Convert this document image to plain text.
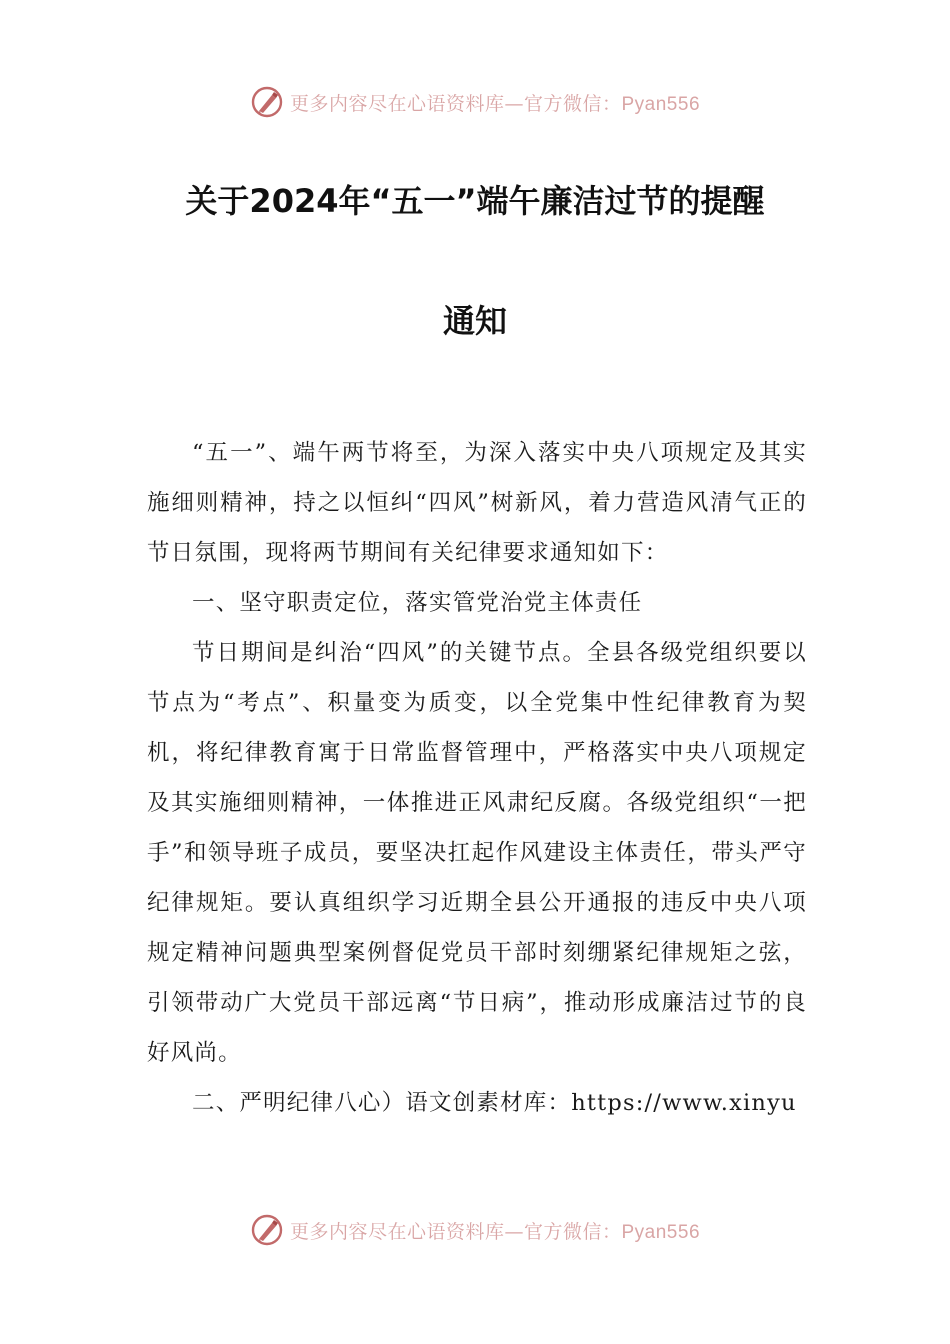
更多内容尽在心语资料库—官方微信：Pyan556
关于2024年“五一”端午廉洁过节的提醒
通知

“五一”、端午两节将至，为深入落实中央八项规定及其实施细则精神，持之以恒纠“四风”树新风，着力营造风清气正的节日氛围，现将两节期间有关纪律要求通知如下：

一、坚守职责定位，落实管党治党主体责任

节日期间是纠治“四风”的关键节点。全县各级党组织要以节点为“考点”、积量变为质变，以全党集中性纪律教育为契机，将纪律教育寓于日常监督管理中，严格落实中央八项规定及其实施细则精神，一体推进正风肃纪反腐。各级党组织“一把手”和领导班子成员，要坚决扛起作风建设主体责任，带头严守纪律规矩。要认真组织学习近期全县公开通报的违反中央八项规定精神问题典型案例督促党员干部时刻绷紧纪律规矩之弦，引领带动广大党员干部远离“节日病”，推动形成廉洁过节的良好风尚。

二、严明纪律八心）语文创素材库：https://www.xinyu

更多内容尽在心语资料库—官方微信：Pyan556
